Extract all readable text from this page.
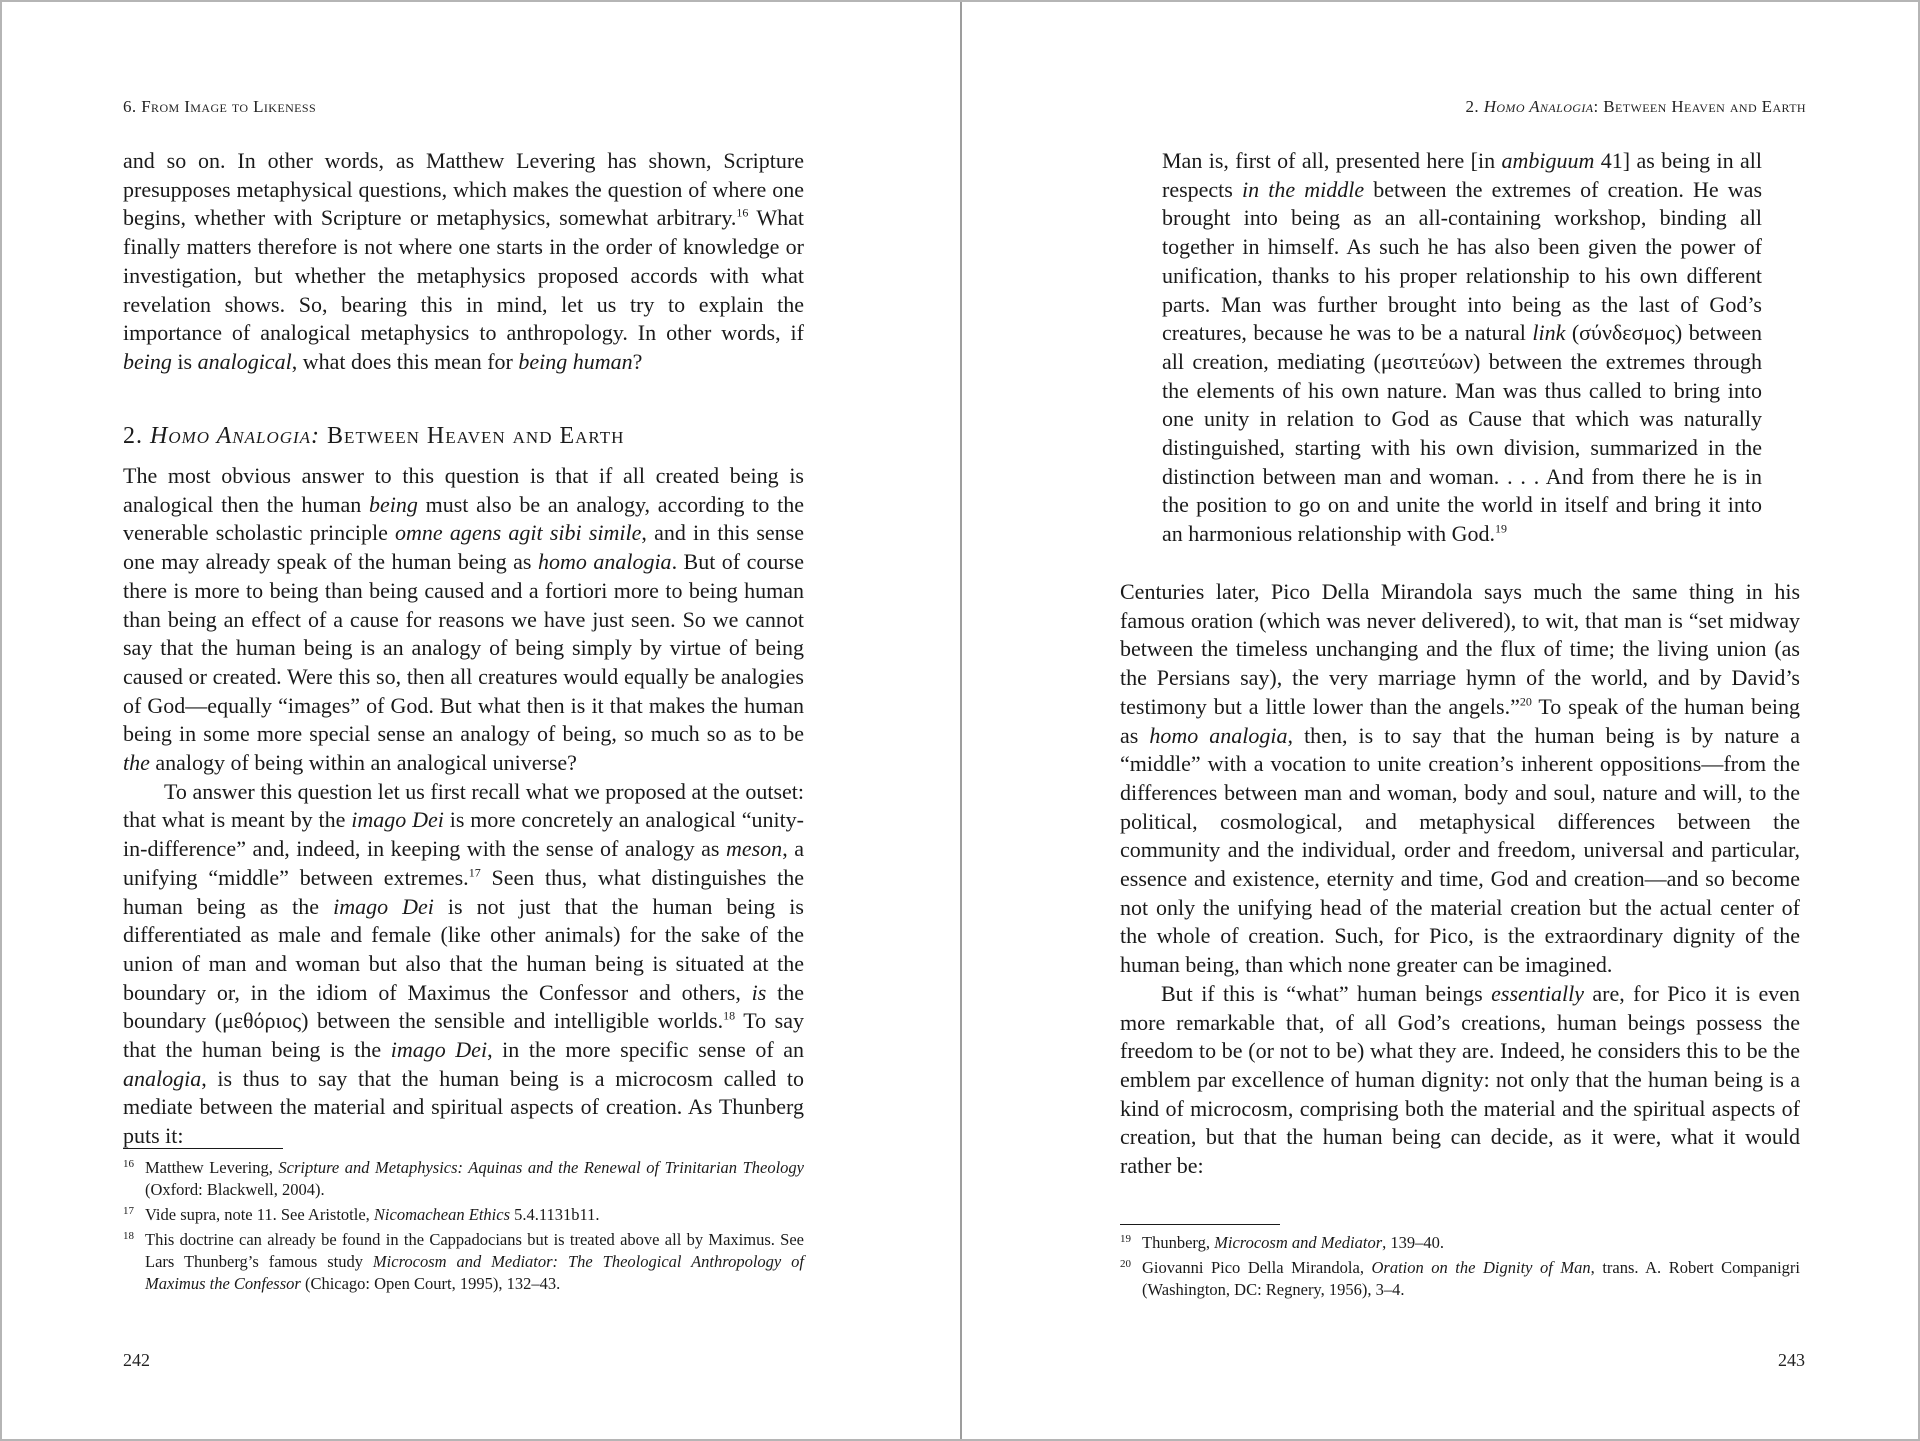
6. From Image to Likeness

and so on. In other words, as Matthew Levering has shown, Scripture presupposes metaphysical questions, which makes the question of where one begins, whether with Scripture or metaphysics, somewhat arbitrary.$^{16}$ What finally matters therefore is not where one starts in the order of knowledge or investigation, but whether the metaphysics proposed accords with what revelation shows. So, bearing this in mind, let us try to explain the importance of analogical metaphysics to anthropology. In other words, if being is analogical, what does this mean for being human?

2. Homo Analogia: Between Heaven and Earth

The most obvious answer to this question is that if all created being is analogical then the human being must also be an analogy, according to the venerable scholastic principle omne agens agit sibi simile, and in this sense one may already speak of the human being as homo analogia. But of course there is more to being than being caused and a fortiori more to being human than being an effect of a cause for reasons we have just seen. So we cannot say that the human being is an analogy of being simply by virtue of being caused or created. Were this so, then all creatures would equally be analogies of God—equally “images” of God. But what then is it that makes the human being in some more special sense an analogy of being, so much so as to be the analogy of being within an analogical universe?

To answer this question let us first recall what we proposed at the outset: that what is meant by the imago Dei is more concretely an analogical “unity-in-difference” and, indeed, in keeping with the sense of analogy as meson, a unifying “middle” between extremes.$^{17}$ Seen thus, what distinguishes the human being as the imago Dei is not just that the human being is differentiated as male and female (like other animals) for the sake of the union of man and woman but also that the human being is situated at the boundary or, in the idiom of Maximus the Confessor and others, is the boundary (μεθόριος) between the sensible and intelligible worlds.$^{18}$ To say that the human being is the imago Dei, in the more specific sense of an analogia, is thus to say that the human being is a microcosm called to mediate between the material and spiritual aspects of creation. As Thunberg puts it:

16 Matthew Levering, Scripture and Metaphysics: Aquinas and the Renewal of Trinitarian Theology (Oxford: Blackwell, 2004).
17 Vide supra, note 11. See Aristotle, Nicomachean Ethics 5.4.1131b11.
18 This doctrine can already be found in the Cappadocians but is treated above all by Maximus. See Lars Thunberg’s famous study Microcosm and Mediator: The Theological Anthropology of Maximus the Confessor (Chicago: Open Court, 1995), 132–43.
242
2. Homo Analogia: Between Heaven and Earth

Man is, first of all, presented here [in ambiguum 41] as being in all respects in the middle between the extremes of creation. He was brought into being as an all-containing workshop, binding all together in himself. As such he has also been given the power of unification, thanks to his proper relationship to his own different parts. Man was further brought into being as the last of God’s creatures, because he was to be a natural link (σύνδεσμος) between all creation, mediating (μεσιτεύων) between the extremes through the elements of his own nature. Man was thus called to bring into one unity in relation to God as Cause that which was naturally distinguished, starting with his own division, summarized in the distinction between man and woman. . . . And from there he is in the position to go on and unite the world in itself and bring it into an harmonious relationship with God.$^{19}$

Centuries later, Pico Della Mirandola says much the same thing in his famous oration (which was never delivered), to wit, that man is “set midway between the timeless unchanging and the flux of time; the living union (as the Persians say), the very marriage hymn of the world, and by David’s testimony but a little lower than the angels.”$^{20}$ To speak of the human being as homo analogia, then, is to say that the human being is by nature a “middle” with a vocation to unite creation’s inherent oppositions—from the differences between man and woman, body and soul, nature and will, to the political, cosmological, and metaphysical differences between the community and the individual, order and freedom, universal and particular, essence and existence, eternity and time, God and creation—and so become not only the unifying head of the material creation but the actual center of the whole of creation. Such, for Pico, is the extraordinary dignity of the human being, than which none greater can be imagined.

But if this is “what” human beings essentially are, for Pico it is even more remarkable that, of all God’s creations, human beings possess the freedom to be (or not to be) what they are. Indeed, he considers this to be the emblem par excellence of human dignity: not only that the human being is a kind of microcosm, comprising both the material and the spiritual aspects of creation, but that the human being can decide, as it were, what it would rather be:

19 Thunberg, Microcosm and Mediator, 139–40.
20 Giovanni Pico Della Mirandola, Oration on the Dignity of Man, trans. A. Robert Companigri (Washington, DC: Regnery, 1956), 3–4.
243
